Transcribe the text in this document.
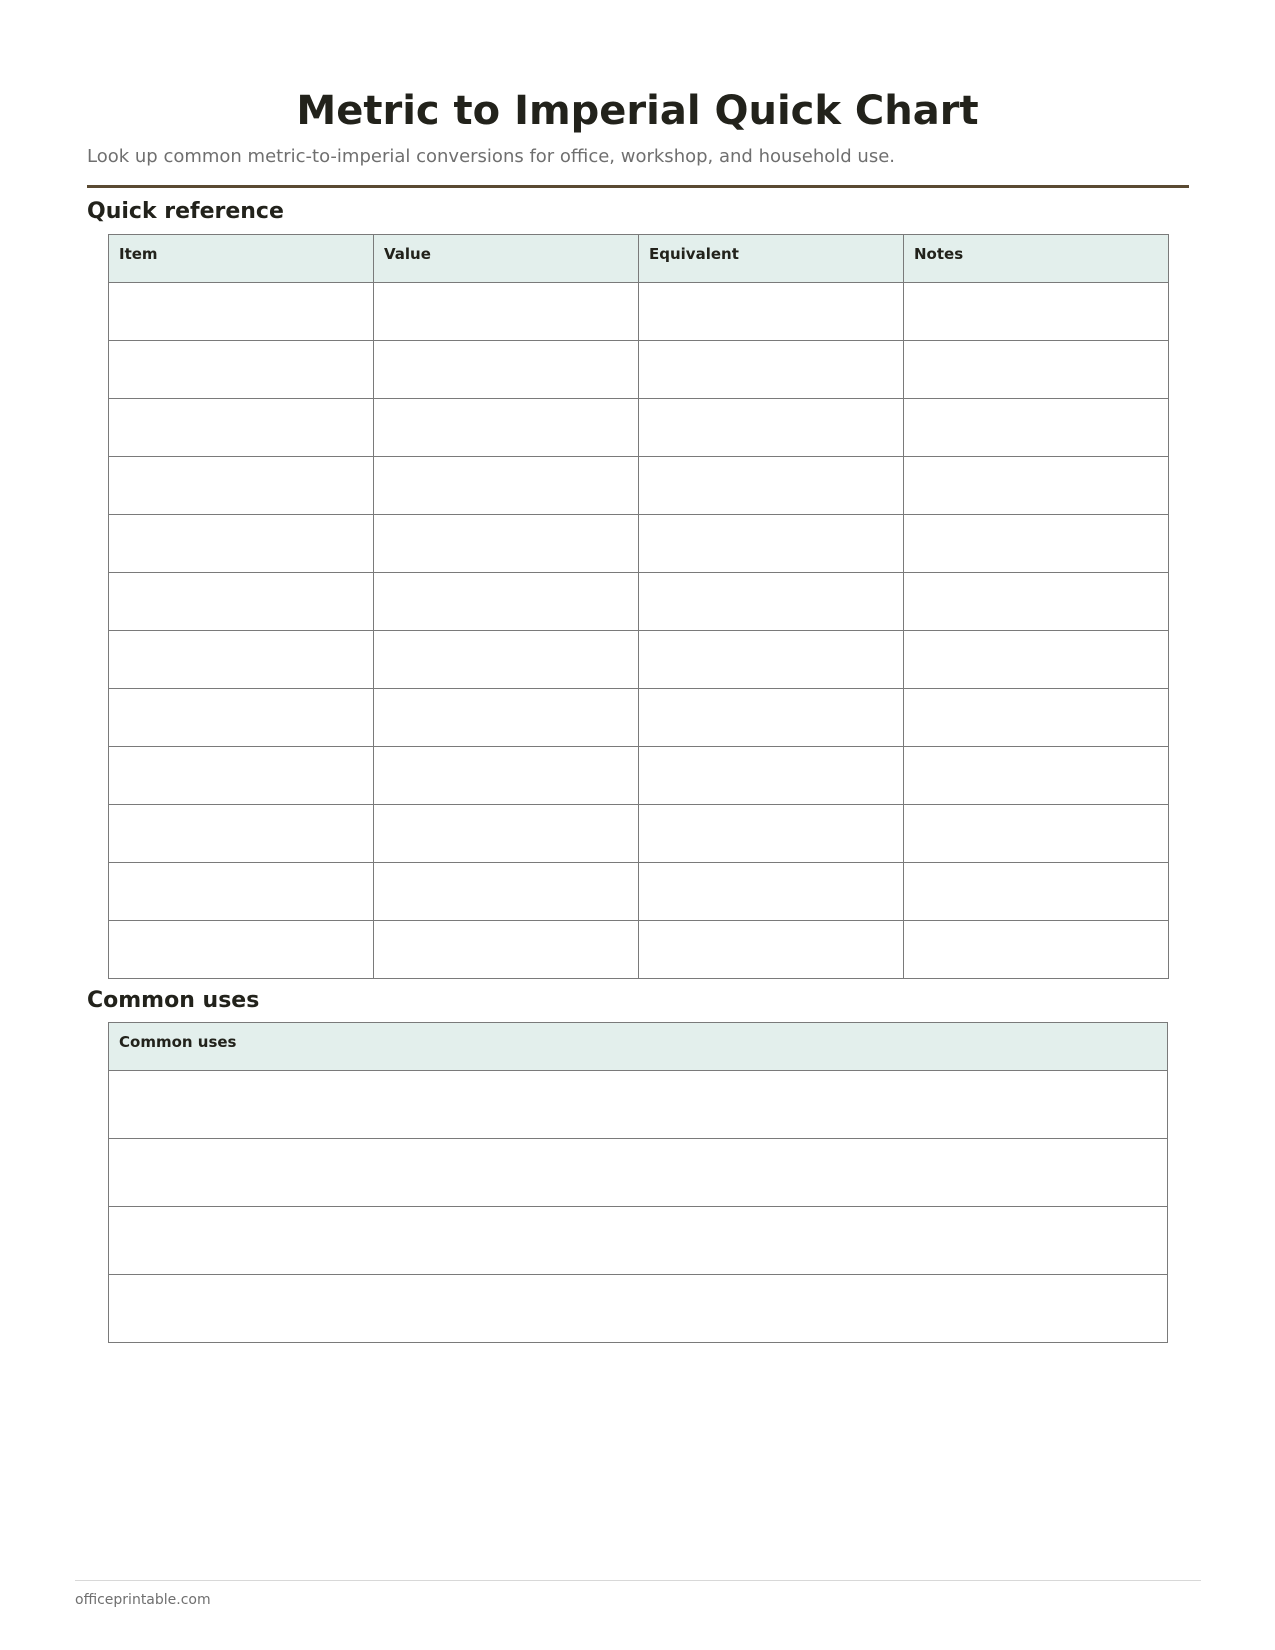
Metric to Imperial Quick Chart

Look up common metric-to-imperial conversions for office, workshop, and household use.

Quick reference
Item	Value	Equivalent	Notes

Common uses
Common uses

officeprintable.com
